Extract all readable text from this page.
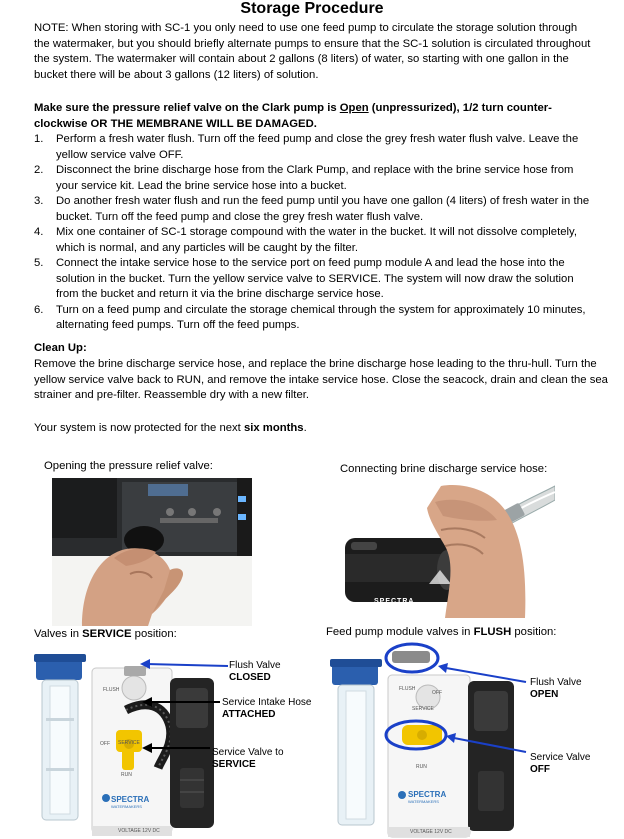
Storage Procedure
NOTE: When storing with SC-1 you only need to use one feed pump to circulate the storage solution through the watermaker, but you should briefly alternate pumps to ensure that the SC-1 solution is circulated throughout the system. The watermaker will contain about 2 gallons (8 liters) of water, so starting with one gallon in the bucket there will be about 3 gallons (12 liters) of solution.
Make sure the pressure relief valve on the Clark pump is Open (unpressurized), 1/2 turn counter-clockwise OR THE MEMBRANE WILL BE DAMAGED.
1. Perform a fresh water flush. Turn off the feed pump and close the grey fresh water flush valve. Leave the yellow service valve OFF.
2. Disconnect the brine discharge hose from the Clark Pump, and replace with the brine service hose from your service kit. Lead the brine service hose into a bucket.
3. Do another fresh water flush and run the feed pump until you have one gallon (4 liters) of fresh water in the bucket. Turn off the feed pump and close the grey fresh water flush valve.
4. Mix one container of SC-1 storage compound with the water in the bucket. It will not dissolve completely, which is normal, and any particles will be caught by the filter.
5. Connect the intake service hose to the service port on feed pump module A and lead the hose into the solution in the bucket. Turn the yellow service valve to SERVICE. The system will now draw the solution from the bucket and return it via the brine discharge service hose.
6. Turn on a feed pump and circulate the storage chemical through the system for approximately 10 minutes, alternating feed pumps. Turn off the feed pumps.
Clean Up:
Remove the brine discharge service hose, and replace the brine discharge hose leading to the thru-hull. Turn the yellow service valve back to RUN, and remove the intake service hose. Close the seacock, drain and clean the sea strainer and pre-filter. Reassemble dry with a new filter.
Your system is now protected for the next six months.
Opening the pressure relief valve:	Connecting brine discharge service hose:
SPECTRA
Valves in SERVICE position:	Feed pump module valves in FLUSH position:
FLUSH
SERVICE
OFF
RUN
SPECTRA
WATERMAKERS
VOLTAGE 12V DC
Flush Valve
CLOSED
Service Intake Hose
ATTACHED
Service Valve to
SERVICE
FLUSH
SERVICE
OFF
RUN
SPECTRA
WATERMAKERS
VOLTAGE 12V DC
Flush Valve
OPEN
Service Valve
OFF
